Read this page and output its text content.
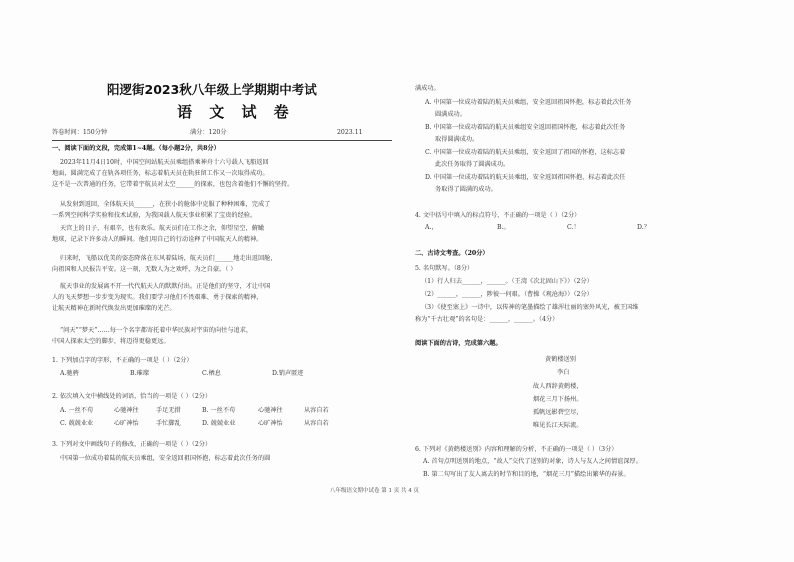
阳逻街2023秋八年级上学期期中考试
语 文 试 卷
答卷时间：150分钟	满分：120分	2023.11
一、阅读下面的文段，完成第1~4题。（每小题2分，共8分）
2023年11月4日10时，中国空间站航天员乘组搭乘神舟十六号载人飞船返回
地面，圆满完成了在轨各项任务，标志着航天员在轨驻留工作又一次取得成功。
这不是一次普通的任务，它带着宇航员对太空______的探索，也包含着他们不懈的坚持。
从发射到返回，全体航天员______，在狭小的舱体中克服了种种困难，完成了
一系列空间科学实验和技术试验，为我国载人航天事业积累了宝贵的经验。
天宫上的日子，有艰辛，也有欢乐。航天员们在工作之余，仰望星空，俯瞰
地球，记录下许多动人的瞬间。他们用自己的行动诠释了中国航天人的精神。
归来时，飞船以优美的姿态降落在东风着陆场，航天员们______地走出返回舱，
向祖国和人民报告平安。这一刻，无数人为之欢呼，为之自豪。（ ）
航天事业的发展离不开一代代航天人的默默付出。正是他们的坚守，才让中国
人的飞天梦想一步步变为现实。我们要学习他们不畏艰难、勇于探索的精神，
让航天精神在新时代焕发出更加璀璨的光芒。
“问天”“梦天”……每一个名字都寄托着中华民族对宇宙的向往与追求，
中国人探索太空的脚步，将迈得更稳更远。
1. 下列加点字的字形，不正确的一项是（ ）（2分）
A.驰骋	B.璀璨	C.栖息	D.销声匿迹
2. 依次填入文中横线处的词语，恰当的一项是（ ）（2分）
A. 一丝不苟	心驰神往	手足无措	B. 一丝不苟	心驰神往	从容自若
C. 兢兢业业	心旷神怡	手忙脚乱	D. 兢兢业业	心旷神怡	从容自若
3. 下列对文中画线句子的修改，正确的一项是（ ）（2分）
中国第一位成功着陆的航天员乘组，安全返回祖国怀抱，标志着此次任务的圆
满成功。
A. 中国第一位成功着陆的航天员乘组，安全返回祖国怀抱，标志着此次任务
圆满成功。
B. 中国第一位成功着陆的航天员乘组安全返回祖国怀抱，标志着此次任务
取得圆满成功。
C. 中国第一位成功着陆的航天员乘组，安全返回了祖国的怀抱，这标志着
此次任务取得了圆满成功。
D. 中国第一位成功着陆的航天员乘组，安全返回祖国怀抱，标志着此次任
务取得了圆满的成功。
4. 文中括号中填入的标点符号，不正确的一项是（ ）（2分）
A.，	B.。	C.！	D.？
二、古诗文考查。（20分）
5. 名句默写。（8分）
（1）行人归去______，______。（王湾《次北固山下》）（2分）
（2）______，______，陟彼一何艰。（曹操《观沧海》）（2分）
（3）《使至塞上》一诗中，以传神的笔墨描绘了雄浑壮丽的塞外风光，被王国维
称为“千古壮观”的名句是：______，______。（4分）
阅读下面的古诗，完成第六题。
黄鹤楼送别
李白
故人西辞黄鹤楼，
烟花三月下扬州。
孤帆远影碧空尽，
唯见长江天际流。
6. 下列对《黄鹤楼送别》内容和理解的分析，不正确的一项是（ ）（3分）
A. 首句点明送别的地点，“故人”交代了送别的对象，诗人与友人之间情谊深厚。
B. 第二句写出了友人离去的时节和目的地，“烟花三月”描绘出繁华的春景。
八年级语文期中试卷 第 1 页 共 4 页
